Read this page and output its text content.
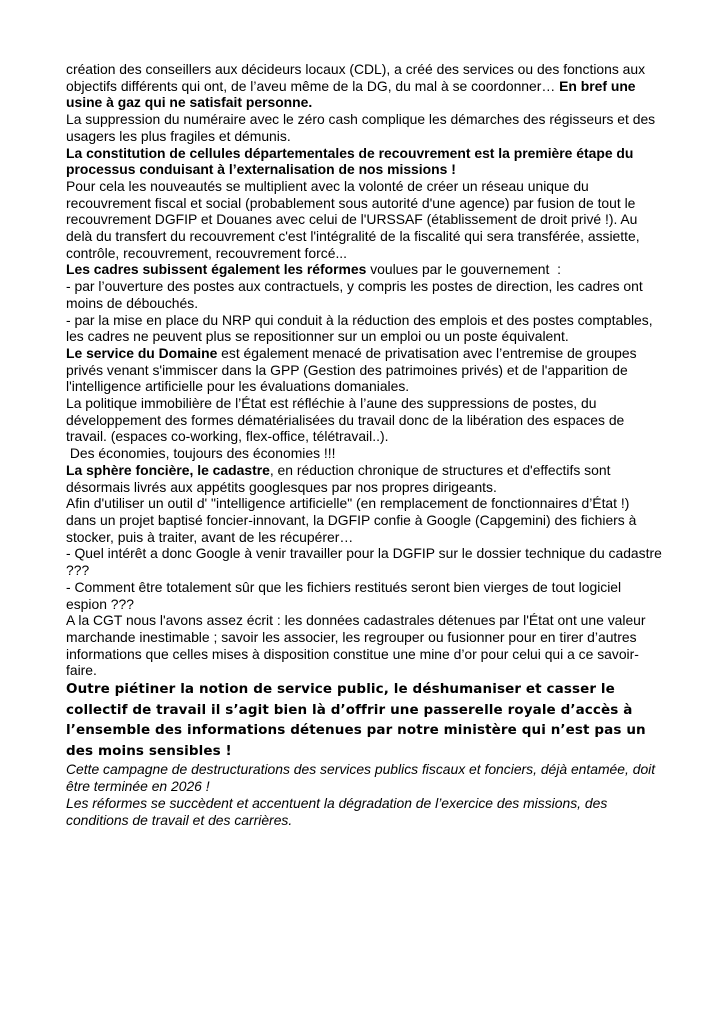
création des conseillers aux décideurs locaux (CDL), a créé des services ou des fonctions aux objectifs différents qui ont, de l’aveu même de la DG, du mal à se coordonner… En bref une usine à gaz qui ne satisfait personne.

La suppression du numéraire avec le zéro cash complique les démarches des régisseurs et des usagers les plus fragiles et démunis.

La constitution de cellules départementales de recouvrement est la première étape du processus conduisant à l’externalisation de nos missions !

Pour cela les nouveautés se multiplient avec la volonté de créer un réseau unique du recouvrement fiscal et social (probablement sous autorité d'une agence) par fusion de tout le recouvrement DGFIP et Douanes avec celui de l'URSSAF (établissement de droit privé !). Au delà du transfert du recouvrement c'est l'intégralité de la fiscalité qui sera transférée, assiette, contrôle, recouvrement, recouvrement forcé...

Les cadres subissent également les réformes voulues par le gouvernement  :

- par l’ouverture des postes aux contractuels, y compris les postes de direction, les cadres ont moins de débouchés.

- par la mise en place du NRP qui conduit à la réduction des emplois et des postes comptables, les cadres ne peuvent plus se repositionner sur un emploi ou un poste équivalent.

Le service du Domaine est également menacé de privatisation avec l’entremise de groupes privés venant s'immiscer dans la GPP (Gestion des patrimoines privés) et de l'apparition de l'intelligence artificielle pour les évaluations domaniales.

La politique immobilière de l’État est réfléchie à l’aune des suppressions de postes, du développement des formes dématérialisées du travail donc de la libération des espaces de travail. (espaces co-working, flex-office, télétravail..).

Des économies, toujours des économies !!!

La sphère foncière, le cadastre, en réduction chronique de structures et d'effectifs sont désormais livrés aux appétits googlesques par nos propres dirigeants.

Afin d'utiliser un outil d' "intelligence artificielle" (en remplacement de fonctionnaires d’État !) dans un projet baptisé foncier-innovant, la DGFIP confie à Google (Capgemini) des fichiers à stocker, puis à traiter, avant de les récupérer…

- Quel intérêt a donc Google à venir travailler pour la DGFIP sur le dossier technique du cadastre ???

- Comment être totalement sûr que les fichiers restitués seront bien vierges de tout logiciel espion ???

A la CGT nous l'avons assez écrit : les données cadastrales détenues par l'État ont une valeur marchande inestimable ; savoir les associer, les regrouper ou fusionner pour en tirer d’autres informations que celles mises à disposition constitue une mine d’or pour celui qui a ce savoir-faire.

Outre piétiner la notion de service public, le déshumaniser et casser le collectif de travail il s’agit bien là d’offrir une passerelle royale d’accès à l’ensemble des informations détenues par notre ministère qui n’est pas un des moins sensibles !

Cette campagne de destructurations des services publics fiscaux et fonciers, déjà entamée, doit être terminée en 2026 !

Les réformes se succèdent et accentuent la dégradation de l’exercice des missions, des conditions de travail et des carrières.
